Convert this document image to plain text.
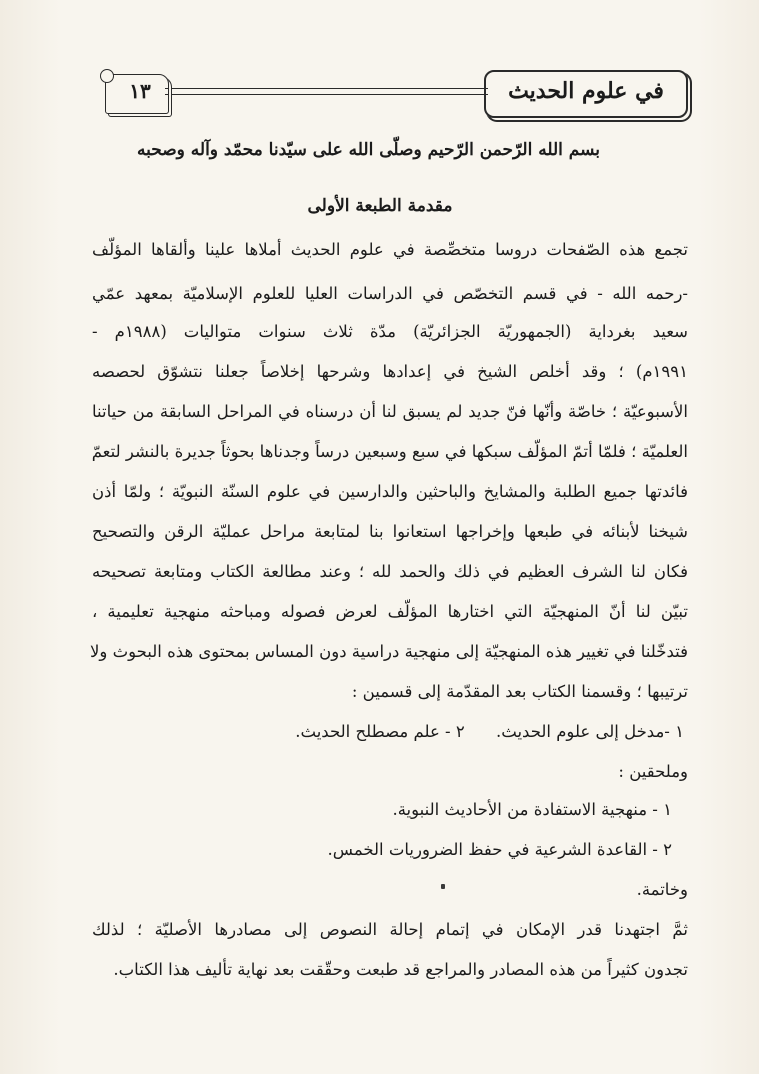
١٣	في علوم الحديث
بسم الله الرّحمن الرّحيم وصلّى الله على سيّدنا محمّد وآله وصحبه
مقدمة الطبعة الأولى
تجمع هذه الصّفحات دروسا متخصِّصة في علوم الحديث أملاها علينا وألقاها المؤلّف
-رحمه الله - في قسم التخصّص في الدراسات العليا للعلوم الإسلاميّة بمعهد عمّي
سعيد بغرداية (الجمهوريّة الجزائريّة) مدّة ثلاث سنوات متواليات (١٩٨٨م -
١٩٩١م) ؛ وقد أخلص الشيخ في إعدادها وشرحها إخلاصاً جعلنا نتشوّق لحصصه
الأسبوعيّة ؛ خاصّة وأنّها فنّ جديد لم يسبق لنا أن درسناه في المراحل السابقة من حياتنا
العلميّة ؛ فلمّا أتمّ المؤلّف سبكها في سبع وسبعين درساً وجدناها بحوثاً جديرة بالنشر لتعمّ
فائدتها جميع الطلبة والمشايخ والباحثين والدارسين في علوم السنّة النبويّة ؛ ولمّا أذن
شيخنا لأبنائه في طبعها وإخراجها استعانوا بنا لمتابعة مراحل عمليّة الرقن والتصحيح
فكان لنا الشرف العظيم في ذلك والحمد لله ؛ وعند مطالعة الكتاب ومتابعة تصحيحه
تبيّن لنا أنّ المنهجيّة التي اختارها المؤلّف لعرض فصوله ومباحثه منهجية تعليمية ،
فتدخّلنا في تغيير هذه المنهجيّة إلى منهجية دراسية دون المساس بمحتوى هذه البحوث ولا
ترتيبها ؛ وقسمنا الكتاب بعد المقدّمة إلى قسمين :
١ -مدخل إلى علوم الحديث. ٢ - علم مصطلح الحديث.
وملحقين :
١ - منهجية الاستفادة من الأحاديث النبوية.
٢ - القاعدة الشرعية في حفظ الضروريات الخمس.
وخاتمة.
ثمَّ اجتهدنا قدر الإمكان في إتمام إحالة النصوص إلى مصادرها الأصليّة ؛ لذلك
تجدون كثيراً من هذه المصادر والمراجع قد طبعت وحقّقت بعد نهاية تأليف هذا الكتاب.
